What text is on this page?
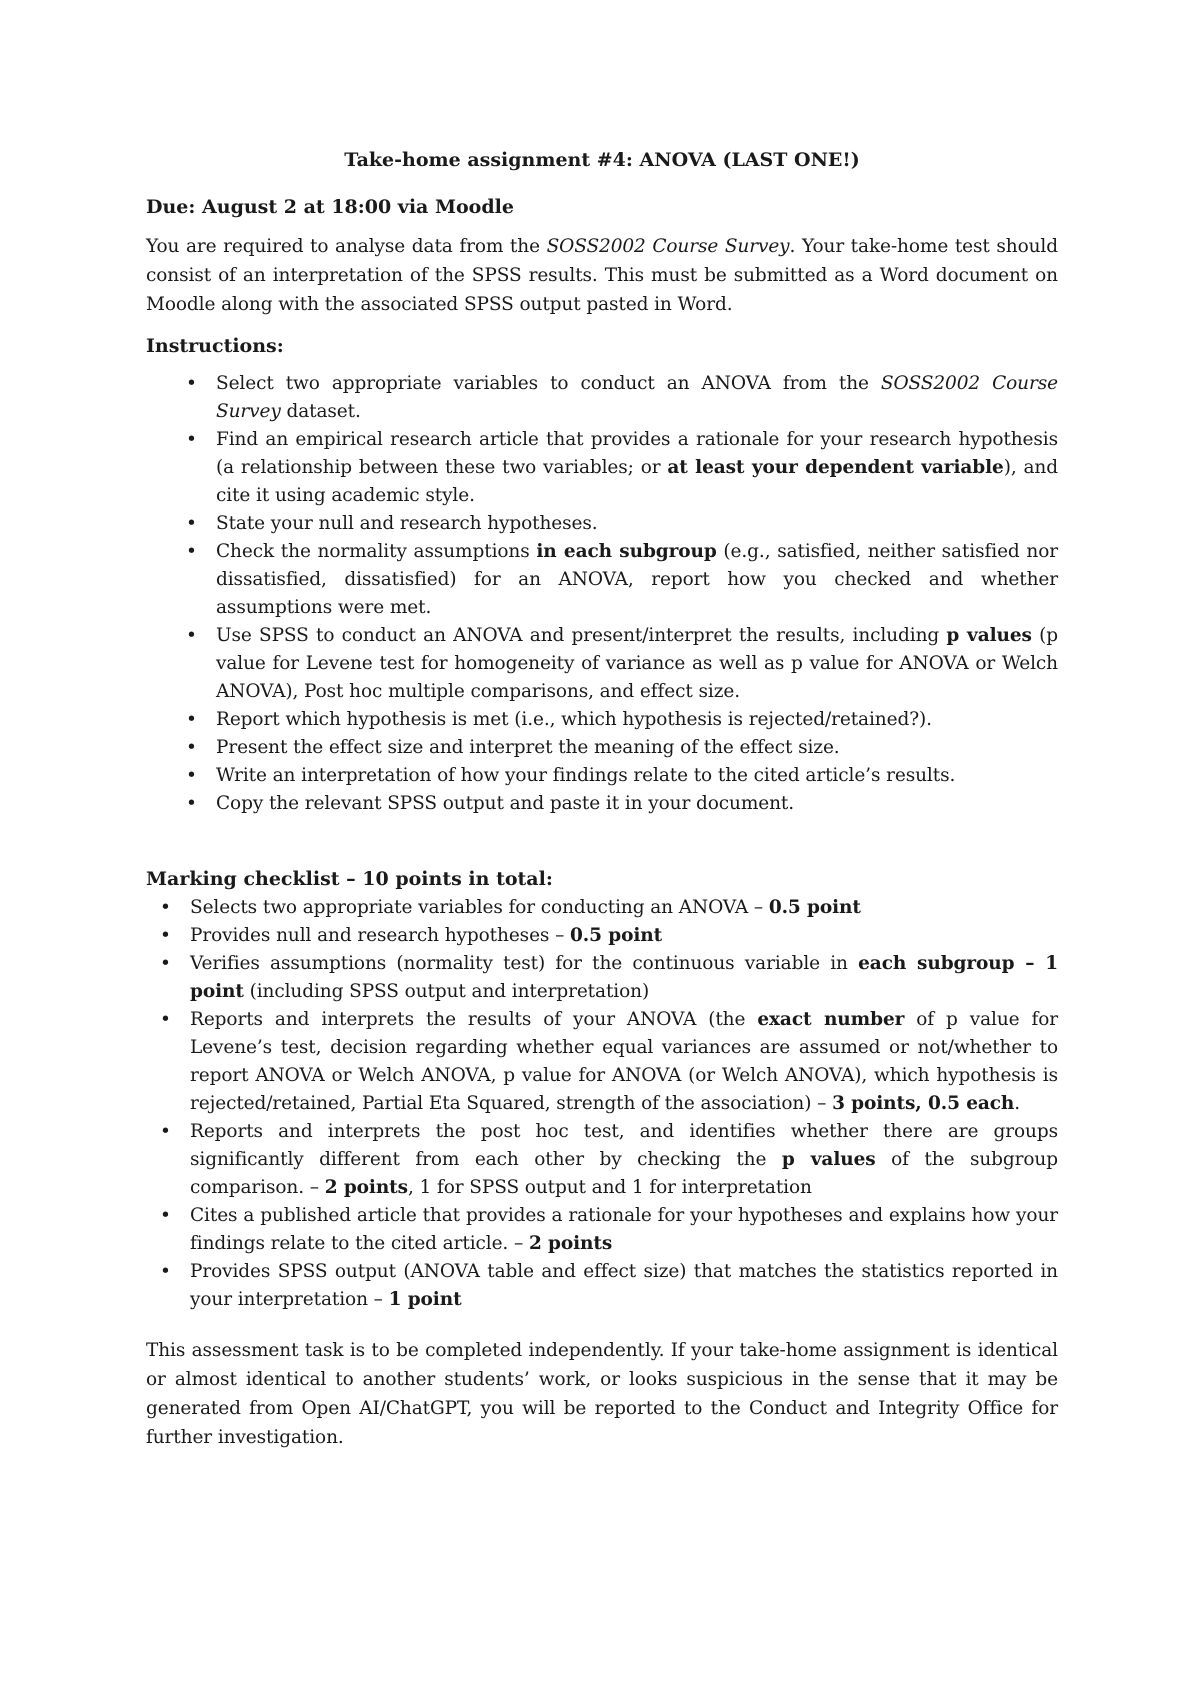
Take-home assignment #4: ANOVA (LAST ONE!)
Due: August 2 at 18:00 via Moodle

You are required to analyse data from the SOSS2002 Course Survey. Your take-home test should consist of an interpretation of the SPSS results. This must be submitted as a Word document on Moodle along with the associated SPSS output pasted in Word.

Instructions:
• Select two appropriate variables to conduct an ANOVA from the SOSS2002 Course Survey dataset.
• Find an empirical research article that provides a rationale for your research hypothesis (a relationship between these two variables; or at least your dependent variable), and cite it using academic style.
• State your null and research hypotheses.
• Check the normality assumptions in each subgroup (e.g., satisfied, neither satisfied nor dissatisfied, dissatisfied) for an ANOVA, report how you checked and whether assumptions were met.
• Use SPSS to conduct an ANOVA and present/interpret the results, including p values (p value for Levene test for homogeneity of variance as well as p value for ANOVA or Welch ANOVA), Post hoc multiple comparisons, and effect size.
• Report which hypothesis is met (i.e., which hypothesis is rejected/retained?).
• Present the effect size and interpret the meaning of the effect size.
• Write an interpretation of how your findings relate to the cited article’s results.
• Copy the relevant SPSS output and paste it in your document.
Marking checklist – 10 points in total:
• Selects two appropriate variables for conducting an ANOVA – 0.5 point
• Provides null and research hypotheses – 0.5 point
• Verifies assumptions (normality test) for the continuous variable in each subgroup – 1 point (including SPSS output and interpretation)
• Reports and interprets the results of your ANOVA (the exact number of p value for Levene’s test, decision regarding whether equal variances are assumed or not/whether to report ANOVA or Welch ANOVA, p value for ANOVA (or Welch ANOVA), which hypothesis is rejected/retained, Partial Eta Squared, strength of the association) – 3 points, 0.5 each.
• Reports and interprets the post hoc test, and identifies whether there are groups significantly different from each other by checking the p values of the subgroup comparison. – 2 points, 1 for SPSS output and 1 for interpretation
• Cites a published article that provides a rationale for your hypotheses and explains how your findings relate to the cited article. – 2 points
• Provides SPSS output (ANOVA table and effect size) that matches the statistics reported in your interpretation – 1 point

This assessment task is to be completed independently. If your take-home assignment is identical or almost identical to another students’ work, or looks suspicious in the sense that it may be generated from Open AI/ChatGPT, you will be reported to the Conduct and Integrity Office for further investigation.
